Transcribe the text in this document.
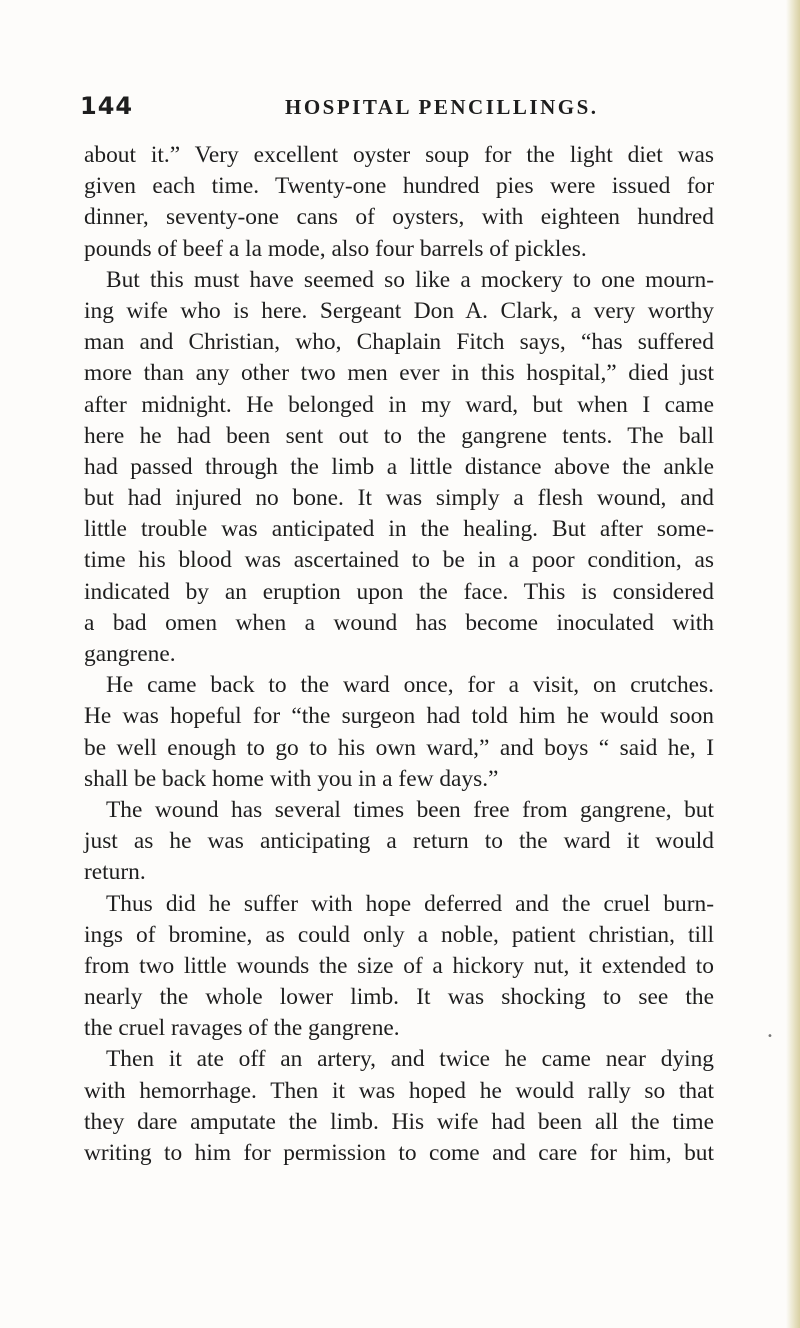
144	HOSPITAL PENCILLINGS.
about it.” Very excellent oyster soup for the light diet was
given each time. Twenty-one hundred pies were issued for
dinner, seventy-one cans of oysters, with eighteen hundred
pounds of beef a la mode, also four barrels of pickles.
But this must have seemed so like a mockery to one mourn-
ing wife who is here. Sergeant Don A. Clark, a very worthy
man and Christian, who, Chaplain Fitch says, “has suffered
more than any other two men ever in this hospital,” died just
after midnight. He belonged in my ward, but when I came
here he had been sent out to the gangrene tents. The ball
had passed through the limb a little distance above the ankle
but had injured no bone. It was simply a flesh wound, and
little trouble was anticipated in the healing. But after some-
time his blood was ascertained to be in a poor condition, as
indicated by an eruption upon the face. This is considered
a bad omen when a wound has become inoculated with
gangrene.
He came back to the ward once, for a visit, on crutches.
He was hopeful for “the surgeon had told him he would soon
be well enough to go to his own ward,” and boys “ said he, I
shall be back home with you in a few days.”
The wound has several times been free from gangrene, but
just as he was anticipating a return to the ward it would
return.
Thus did he suffer with hope deferred and the cruel burn-
ings of bromine, as could only a noble, patient christian, till
from two little wounds the size of a hickory nut, it extended to
nearly the whole lower limb. It was shocking to see the
the cruel ravages of the gangrene.
Then it ate off an artery, and twice he came near dying
with hemorrhage. Then it was hoped he would rally so that
they dare amputate the limb. His wife had been all the time
writing to him for permission to come and care for him, but
•
